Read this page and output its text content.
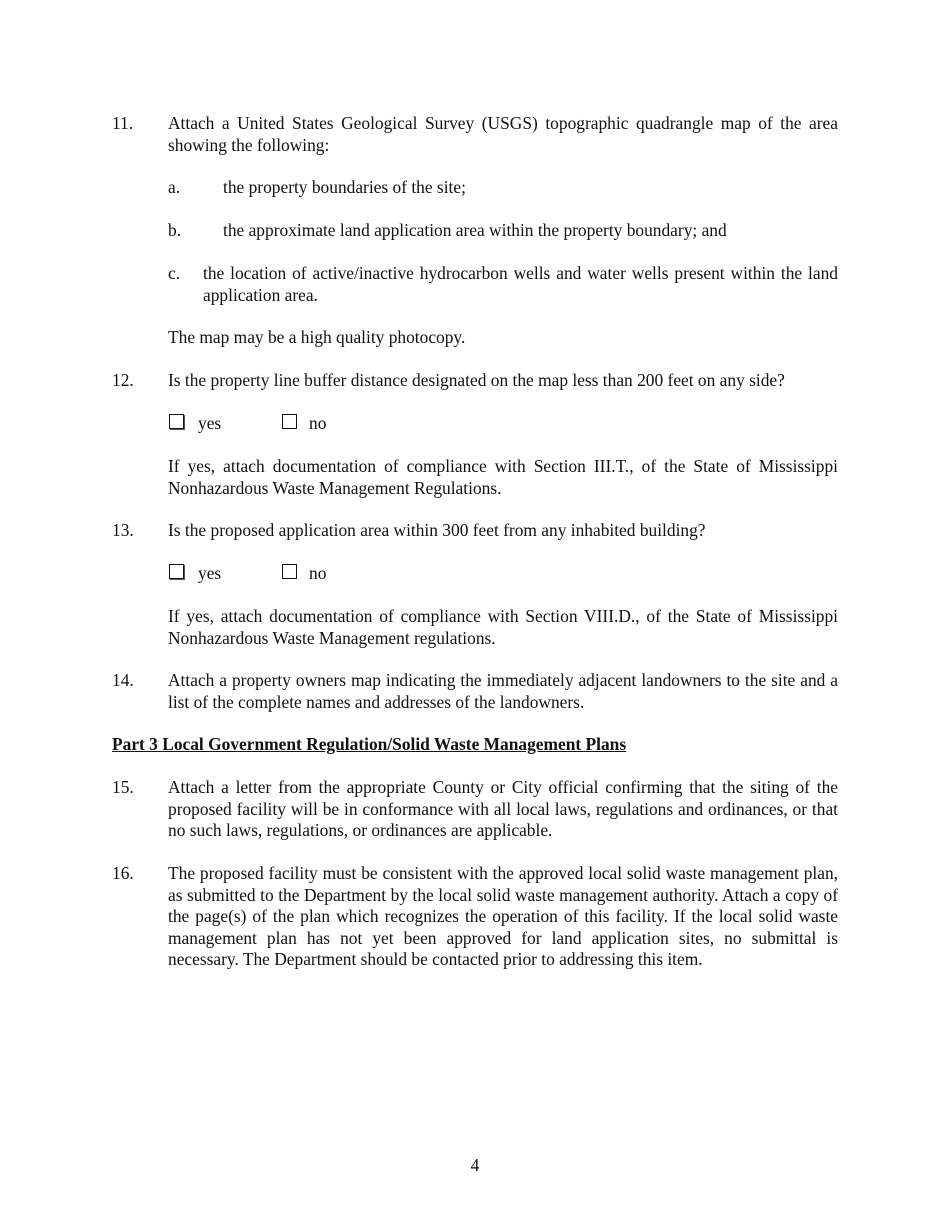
11. Attach a United States Geological Survey (USGS) topographic quadrangle map of the area showing the following:
a. the property boundaries of the site;
b. the approximate land application area within the property boundary; and
c. the location of active/inactive hydrocarbon wells and water wells present within the land application area.
The map may be a high quality photocopy.
12. Is the property line buffer distance designated on the map less than 200 feet on any side?
yes	no
If yes, attach documentation of compliance with Section III.T., of the State of Mississippi Nonhazardous Waste Management Regulations.
13. Is the proposed application area within 300 feet from any inhabited building?
yes	no
If yes, attach documentation of compliance with Section VIII.D., of the State of Mississippi Nonhazardous Waste Management regulations.
14. Attach a property owners map indicating the immediately adjacent landowners to the site and a list of the complete names and addresses of the landowners.
Part 3 Local Government Regulation/Solid Waste Management Plans
15. Attach a letter from the appropriate County or City official confirming that the siting of the proposed facility will be in conformance with all local laws, regulations and ordinances, or that no such laws, regulations, or ordinances are applicable.
16. The proposed facility must be consistent with the approved local solid waste management plan, as submitted to the Department by the local solid waste management authority. Attach a copy of the page(s) of the plan which recognizes the operation of this facility. If the local solid waste management plan has not yet been approved for land application sites, no submittal is necessary. The Department should be contacted prior to addressing this item.
4
